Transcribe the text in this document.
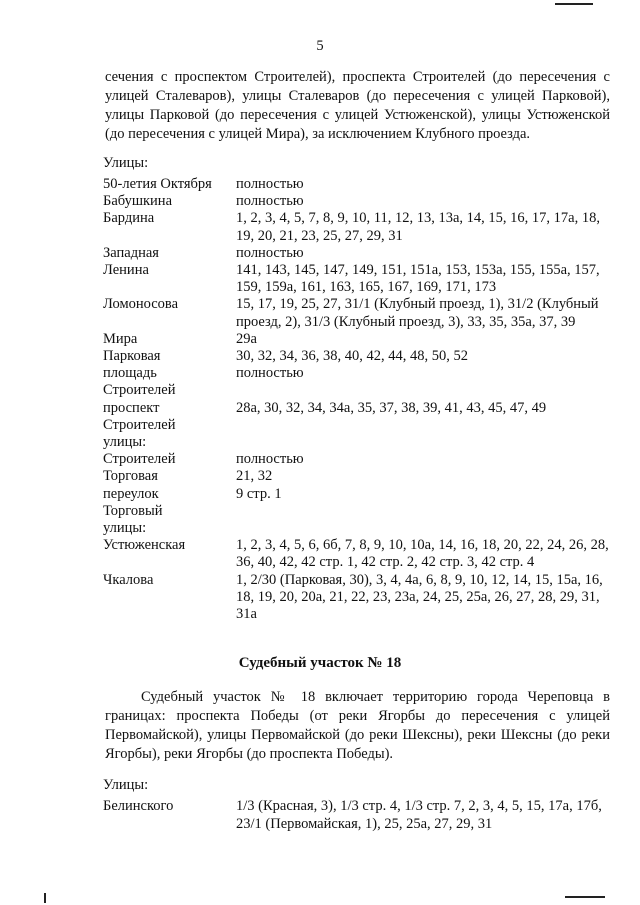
5

сечения с проспектом Строителей), проспекта Строителей (до пересечения с улицей Сталеваров), улицы Сталеваров (до пересечения с улицей Парковой), улицы Парковой (до пересечения с улицей Устюженской), улицы Устюженской (до пересечения с улицей Мира), за исключением Клубного проезда.

Улицы:
50-летия Октября	полностью
Бабушкина	полностью
Бардина	1, 2, 3, 4, 5, 7, 8, 9, 10, 11, 12, 13, 13а, 14, 15, 16, 17, 17а, 18, 19, 20, 21, 23, 25, 27, 29, 31
Западная	полностью
Ленина	141, 143, 145, 147, 149, 151, 151а, 153, 153а, 155, 155а, 157, 159, 159а, 161, 163, 165, 167, 169, 171, 173
Ломоносова	15, 17, 19, 25, 27, 31/1 (Клубный проезд, 1), 31/2 (Клубный проезд, 2), 31/3 (Клубный проезд, 3), 33, 35, 35а, 37, 39
Мира	29а
Парковая	30, 32, 34, 36, 38, 40, 42, 44, 48, 50, 52
площадь	полностью
Строителей
проспект	28а, 30, 32, 34, 34а, 35, 37, 38, 39, 41, 43, 45, 47, 49
Строителей
улицы:
Строителей	полностью
Торговая	21, 32
переулок	9 стр. 1
Торговый
улицы:
Устюженская	1, 2, 3, 4, 5, 6, 6б, 7, 8, 9, 10, 10а, 14, 16, 18, 20, 22, 24, 26, 28, 36, 40, 42, 42 стр. 1, 42 стр. 2, 42 стр. 3, 42 стр. 4
Чкалова	1, 2/30 (Парковая, 30), 3, 4, 4а, 6, 8, 9, 10, 12, 14, 15, 15а, 16, 18, 19, 20, 20а, 21, 22, 23, 23а, 24, 25, 25а, 26, 27, 28, 29, 31, 31а
Судебный участок № 18

Судебный участок № 18 включает территорию города Череповца в границах: проспекта Победы (от реки Ягорбы до пересечения с улицей Первомайской), улицы Первомайской (до реки Шексны), реки Шексны (до реки Ягорбы), реки Ягорбы (до проспекта Победы).

Улицы:
Белинского	1/3 (Красная, 3), 1/3 стр. 4, 1/3 стр. 7, 2, 3, 4, 5, 15, 17а, 17б, 23/1 (Первомайская, 1), 25, 25а, 27, 29, 31
